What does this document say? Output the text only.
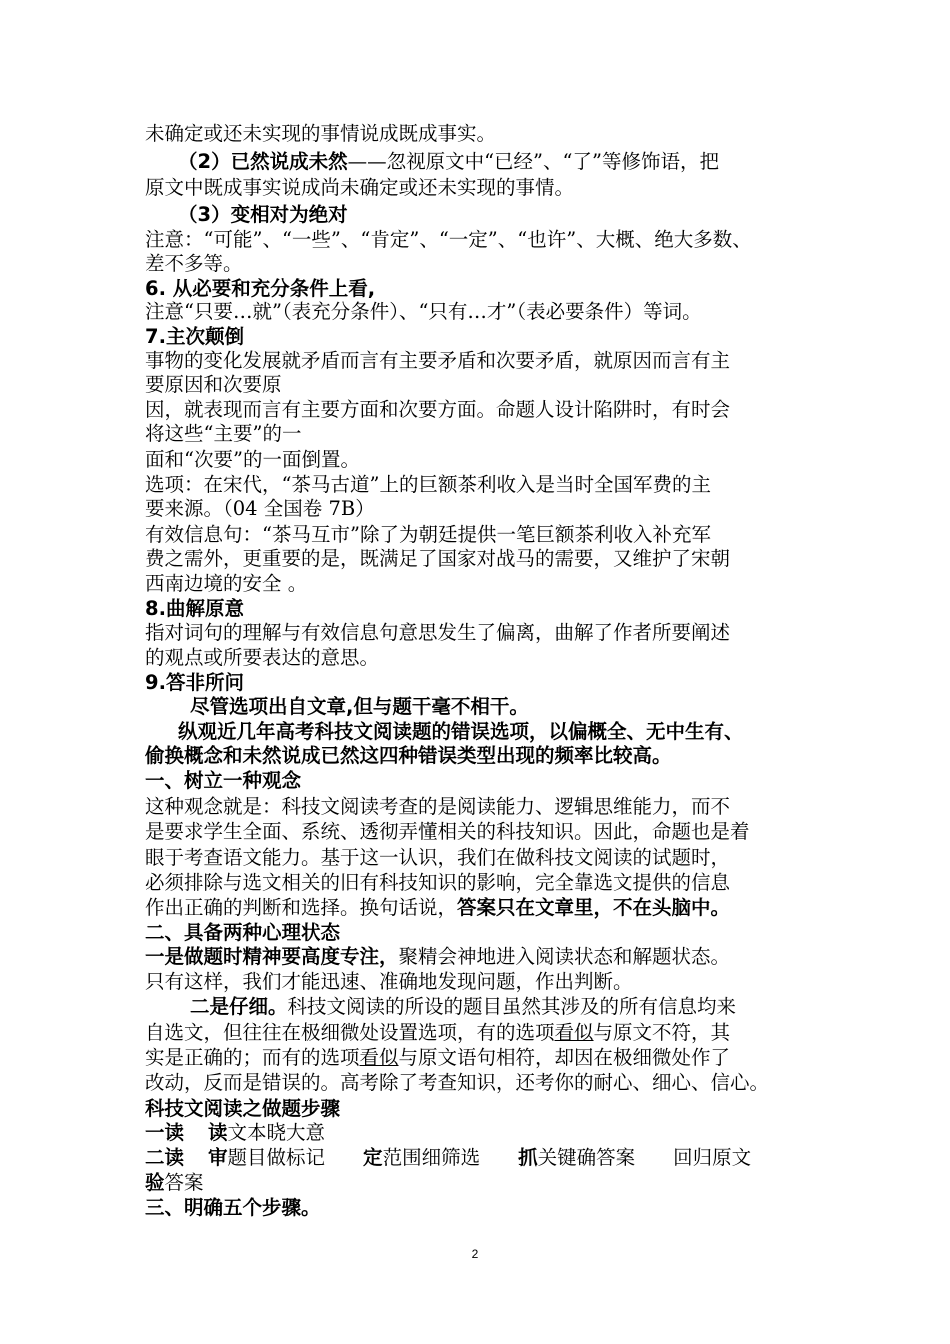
未确定或还未实现的事情说成既成事实。
（2）已然说成未然——忽视原文中“已经”、“了”等修饰语，把
原文中既成事实说成尚未确定或还未实现的事情。
（3）变相对为绝对
注意：“可能”、“一些”、“肯定”、“一定”、“也许”、大概、绝大多数、
差不多等。
6. 从必要和充分条件上看,
注意“只要…就”（表充分条件）、“只有…才”（表必要条件）等词。
7.主次颠倒
事物的变化发展就矛盾而言有主要矛盾和次要矛盾，就原因而言有主
要原因和次要原
因，就表现而言有主要方面和次要方面。命题人设计陷阱时，有时会
将这些“主要”的一
面和“次要”的一面倒置。
选项：在宋代，“茶马古道”上的巨额茶利收入是当时全国军费的主
要来源。（04 全国卷 7B）
有效信息句：“茶马互市”除了为朝廷提供一笔巨额茶利收入补充军
费之需外，更重要的是，既满足了国家对战马的需要，又维护了宋朝
西南边境的安全 。
8.曲解原意
指对词句的理解与有效信息句意思发生了偏离，曲解了作者所要阐述
的观点或所要表达的意思。
9.答非所问
尽管选项出自文章,但与题干毫不相干。
纵观近几年高考科技文阅读题的错误选项，以偏概全、无中生有、
偷换概念和未然说成已然这四种错误类型出现的频率比较高。
一、树立一种观念
这种观念就是：科技文阅读考查的是阅读能力、逻辑思维能力，而不
是要求学生全面、系统、透彻弄懂相关的科技知识。因此，命题也是着
眼于考查语文能力。基于这一认识，我们在做科技文阅读的试题时，
必须排除与选文相关的旧有科技知识的影响，完全靠选文提供的信息
作出正确的判断和选择。换句话说，答案只在文章里，不在头脑中。
二、具备两种心理状态
一是做题时精神要高度专注，聚精会神地进入阅读状态和解题状态。
只有这样，我们才能迅速、准确地发现问题，作出判断。
二是仔细。科技文阅读的所设的题目虽然其涉及的所有信息均来
自选文，但往往在极细微处设置选项，有的选项看似与原文不符，其
实是正确的；而有的选项看似与原文语句相符，却因在极细微处作了
改动，反而是错误的。高考除了考查知识，还考你的耐心、细心、信心。
科技文阅读之做题步骤
一读 读文本晓大意
二读 审题目做标记 定范围细筛选 抓关键确答案 回归原文
验答案
三、明确五个步骤。
2
